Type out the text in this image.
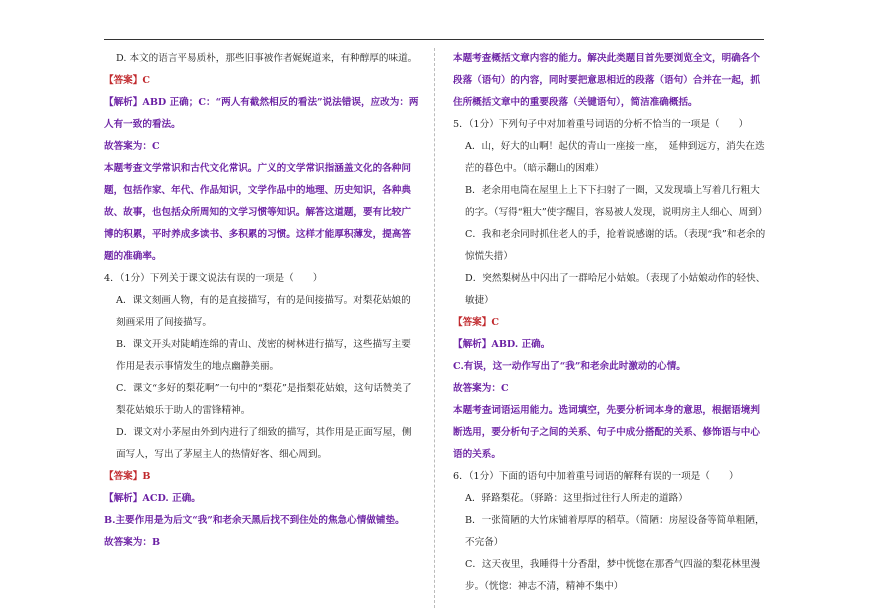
D. 本文的语言平易质朴，那些旧事被作者娓娓道来，有种醇厚的味道。

【答案】C

【解析】ABD 正确；C：“两人有截然相反的看法”说法错误，应改为：两人有一致的看法。

故答案为：C

本题考查文学常识和古代文化常识。广义的文学常识指涵盖文化的各种问题，包括作家、年代、作品知识，文学作品中的地理、历史知识，各种典故、故事，也包括众所周知的文学习惯等知识。解答这道题，要有比较广博的积累，平时养成多读书、多积累的习惯。这样才能厚积薄发，提高答题的准确率。

4．（1分）下列关于课文说法有误的一项是（　　）

A．课文刻画人物，有的是直接描写，有的是间接描写。对梨花姑娘的刻画采用了间接描写。

B．课文开头对陡峭连绵的青山、茂密的树林进行描写，这些描写主要作用是表示事情发生的地点幽静美丽。

C．课文“多好的梨花啊”一句中的“梨花”是指梨花姑娘，这句话赞美了梨花姑娘乐于助人的雷锋精神。

D．课文对小茅屋由外到内进行了细致的描写，其作用是正面写屋，侧面写人，写出了茅屋主人的热情好客、细心周到。

【答案】B

【解析】ACD. 正确。

B.主要作用是为后文“我”和老余天黑后找不到住处的焦急心情做铺垫。

故答案为：B

本题考查概括文章内容的能力。解决此类题目首先要浏览全文，明确各个段落（语句）的内容，同时要把意思相近的段落（语句）合并在一起，抓住所概括文章中的重要段落（关键语句），简洁准确概括。

5．（1分）下列句子中对加着重号词语的分析不恰当的一项是（　　）

A．山，好大的山啊！起伏的青山一座接一座，　延伸到远方，消失在迭茫的暮色中。（暗示翻山的困难）

B．老余用电筒在屋里上上下下扫射了一圈，又发现墙上写着几行粗大的字。（写得“粗大”使字醒目，容易被人发现，说明房主人细心、周到）

C．我和老余同时抓住老人的手，抢着说感谢的话。（表现“我”和老余的惊慌失措）

D．突然梨树丛中闪出了一群哈尼小姑娘。（表现了小姑娘动作的轻快、敏捷）

【答案】C

【解析】ABD. 正确。

C.有误，这一动作写出了“我”和老余此时激动的心情。

故答案为：C

本题考查词语运用能力。选词填空，先要分析词本身的意思，根据语境判断选用，要分析句子之间的关系、句子中成分搭配的关系、修饰语与中心语的关系。

6．（1分）下面的语句中加着重号词语的解释有误的一项是（　　）

A．驿路梨花。（驿路：这里指过往行人所走的道路）

B．一张简陋的大竹床铺着厚厚的稻草。（简陋：房屋设备等简单粗陋，不完备）

C．这天夜里，我睡得十分香甜，梦中恍惚在那香气四溢的梨花林里漫步。（恍惚：神志不清，精神不集中）
